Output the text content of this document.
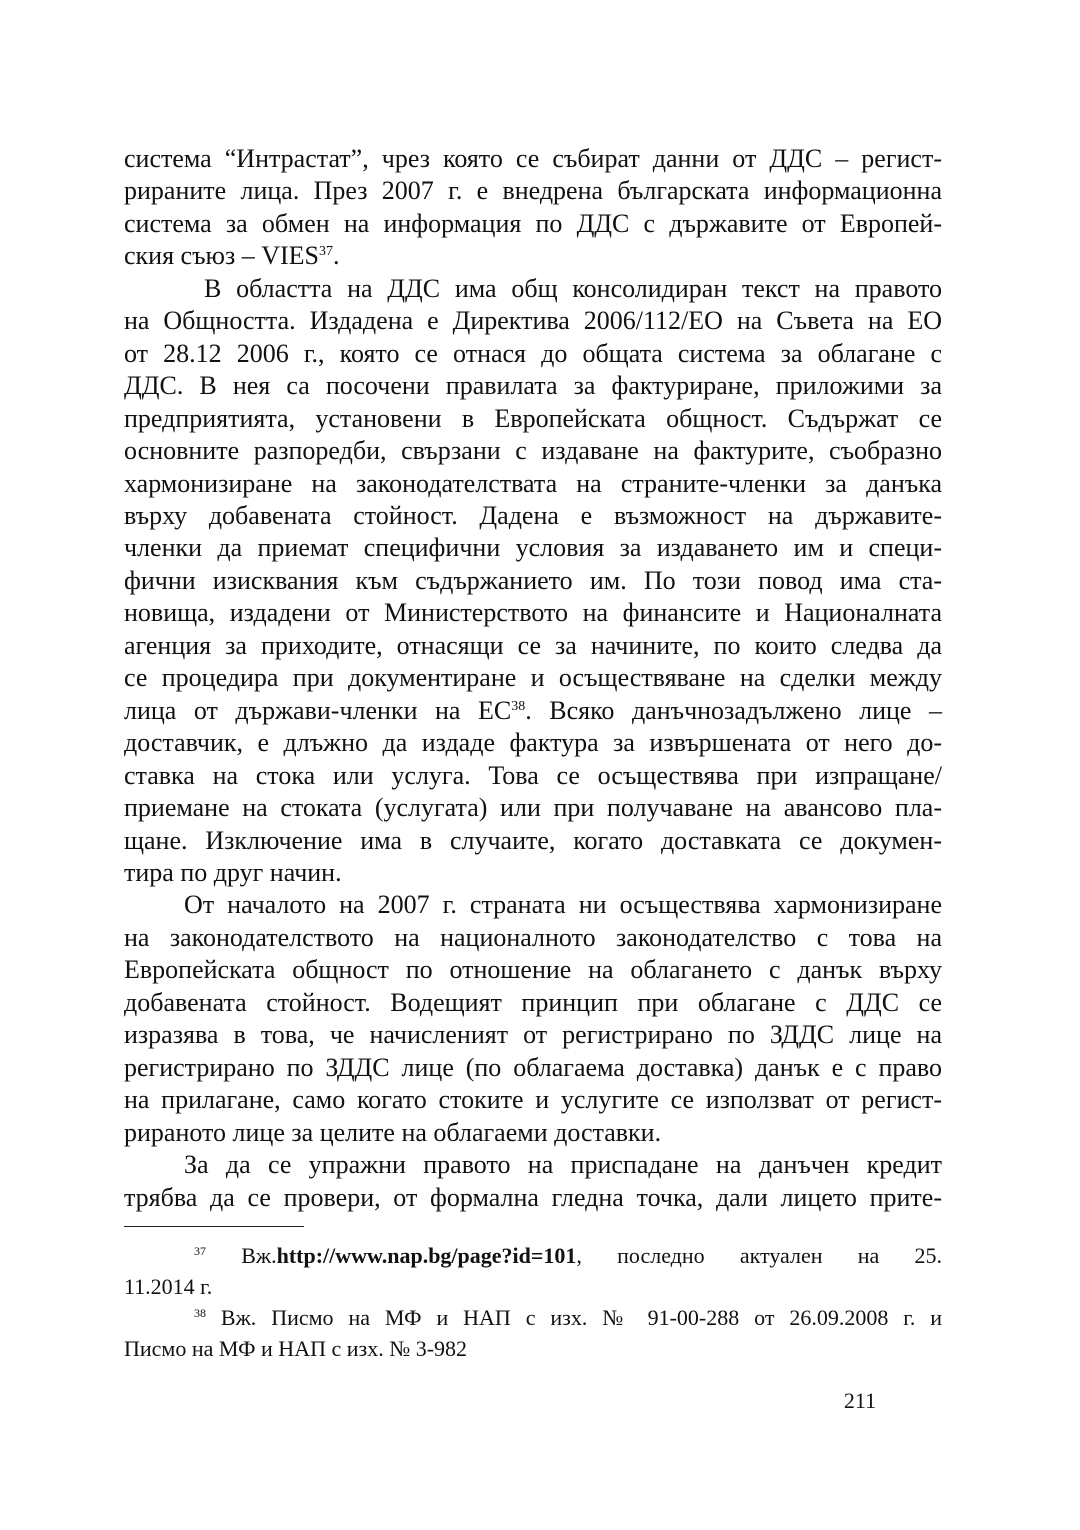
система “Интрастат”, чрез която се събират данни от ДДС – регист-
рираните лица. През 2007 г. е внедрена българската информационна
система за обмен на информация по ДДС с държавите от Европей-
ския съюз – VIES$^{37}$.
В областта на ДДС има общ консолидиран текст на правото
на Общността. Издадена е Директива 2006/112/ЕО на Съвета на ЕО
от 28.12 2006 г., която се отнася до общата система за облагане с
ДДС. В нея са посочени правилата за фактуриране, приложими за
предприятията, установени в Европейската общност. Съдържат се
основните разпоредби, свързани с издаване на фактурите, съобразно
хармонизиране на законодателствата на страните-членки за данъка
върху добавената стойност. Дадена е възможност на държавите-
членки да приемат специфични условия за издаването им и специ-
фични изисквания към съдържанието им. По този повод има ста-
новища, издадени от Министерството на финансите и Националната
агенция за приходите, отнасящи се за начините, по които следва да
се процедира при документиране и осъществяване на сделки между
лица от държави-членки на ЕС$^{38}$. Всяко данъчнозадължено лице –
доставчик, е длъжно да издаде фактура за извършената от него до-
ставка на стока или услуга. Това се осъществява при изпращане/
приемане на стоката (услугата) или при получаване на авансово пла-
щане. Изключение има в случаите, когато доставката се докумен-
тира по друг начин.
От началото на 2007 г. страната ни осъществява хармонизиране
на законодателството на националното законодателство с това на
Европейската общност по отношение на облагането с данък върху
добавената стойност. Водещият принцип при облагане с ДДС се
изразява в това, че начисленият от регистрирано по ЗДДС лице на
регистрирано по ЗДДС лице (по облагаема доставка) данък е с право
на прилагане, само когато стоките и услугите се използват от регист-
рираното лице за целите на облагаеми доставки.
За да се упражни правото на приспадане на данъчен кредит
трябва да се провери, от формална гледна точка, дали лицето прите-
$^{37}$ Вж.http://www.nap.bg/page?id=101, последно актуален на 25.
11.2014 г.
$^{38}$ Вж. Писмо на МФ и НАП с изх. № 91-00-288 от 26.09.2008 г. и
Писмо на МФ и НАП с изх. № 3-982
211
